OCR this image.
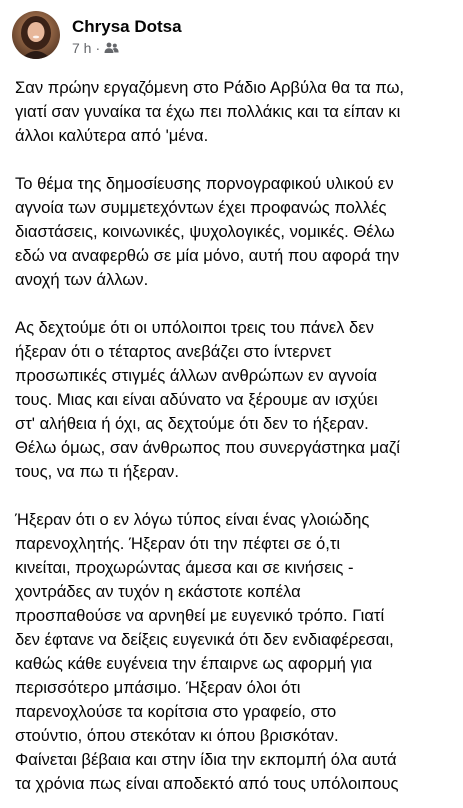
Chrysa Dotsa
7 h ·

Σαν πρώην εργαζόμενη στο Ράδιο Αρβύλα θα τα πω,
γιατί σαν γυναίκα τα έχω πει πολλάκις και τα είπαν κι
άλλοι καλύτερα από 'μένα.

Το θέμα της δημοσίευσης πορνογραφικού υλικού εν
αγνοία των συμμετεχόντων έχει προφανώς πολλές
διαστάσεις, κοινωνικές, ψυχολογικές, νομικές. Θέλω
εδώ να αναφερθώ σε μία μόνο, αυτή που αφορά την
ανοχή των άλλων.

Ας δεχτούμε ότι οι υπόλοιποι τρεις του πάνελ δεν
ήξεραν ότι ο τέταρτος ανεβάζει στο ίντερνετ
προσωπικές στιγμές άλλων ανθρώπων εν αγνοία
τους. Μιας και είναι αδύνατο να ξέρουμε αν ισχύει
στ' αλήθεια ή όχι, ας δεχτούμε ότι δεν το ήξεραν.
Θέλω όμως, σαν άνθρωπος που συνεργάστηκα μαζί
τους, να πω τι ήξεραν.

Ήξεραν ότι ο εν λόγω τύπος είναι ένας γλοιώδης
παρενοχλητής. Ήξεραν ότι την πέφτει σε ό,τι
κινείται, προχωρώντας άμεσα και σε κινήσεις -
χοντράδες αν τυχόν η εκάστοτε κοπέλα
προσπαθούσε να αρνηθεί με ευγενικό τρόπο. Γιατί
δεν έφτανε να δείξεις ευγενικά ότι δεν ενδιαφέρεσαι,
καθώς κάθε ευγένεια την έπαιρνε ως αφορμή για
περισσότερο μπάσιμο. Ήξεραν όλοι ότι
παρενοχλούσε τα κορίτσια στο γραφείο, στο
στούντιο, όπου στεκόταν κι όπου βρισκόταν.
Φαίνεται βέβαια και στην ίδια την εκπομπή όλα αυτά
τα χρόνια πως είναι αποδεκτό από τους υπόλοιπους
